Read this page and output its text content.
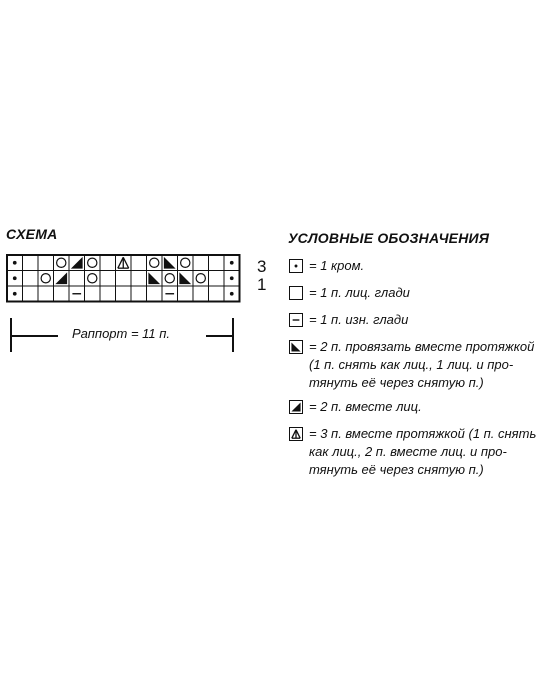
СХЕМА
3
1
Раппорт = 11 п.
УСЛОВНЫЕ ОБОЗНАЧЕНИЯ
= 1 кром.
= 1 п. лиц. глади
= 1 п. изн. глади
= 2 п. провязать вместе протяжкой
(1 п. снять как лиц., 1 лиц. и про-
тянуть её через снятую п.)
= 2 п. вместе лиц.
= 3 п. вместе протяжкой (1 п. снять
как лиц., 2 п. вместе лиц. и про-
тянуть её через снятую п.)
